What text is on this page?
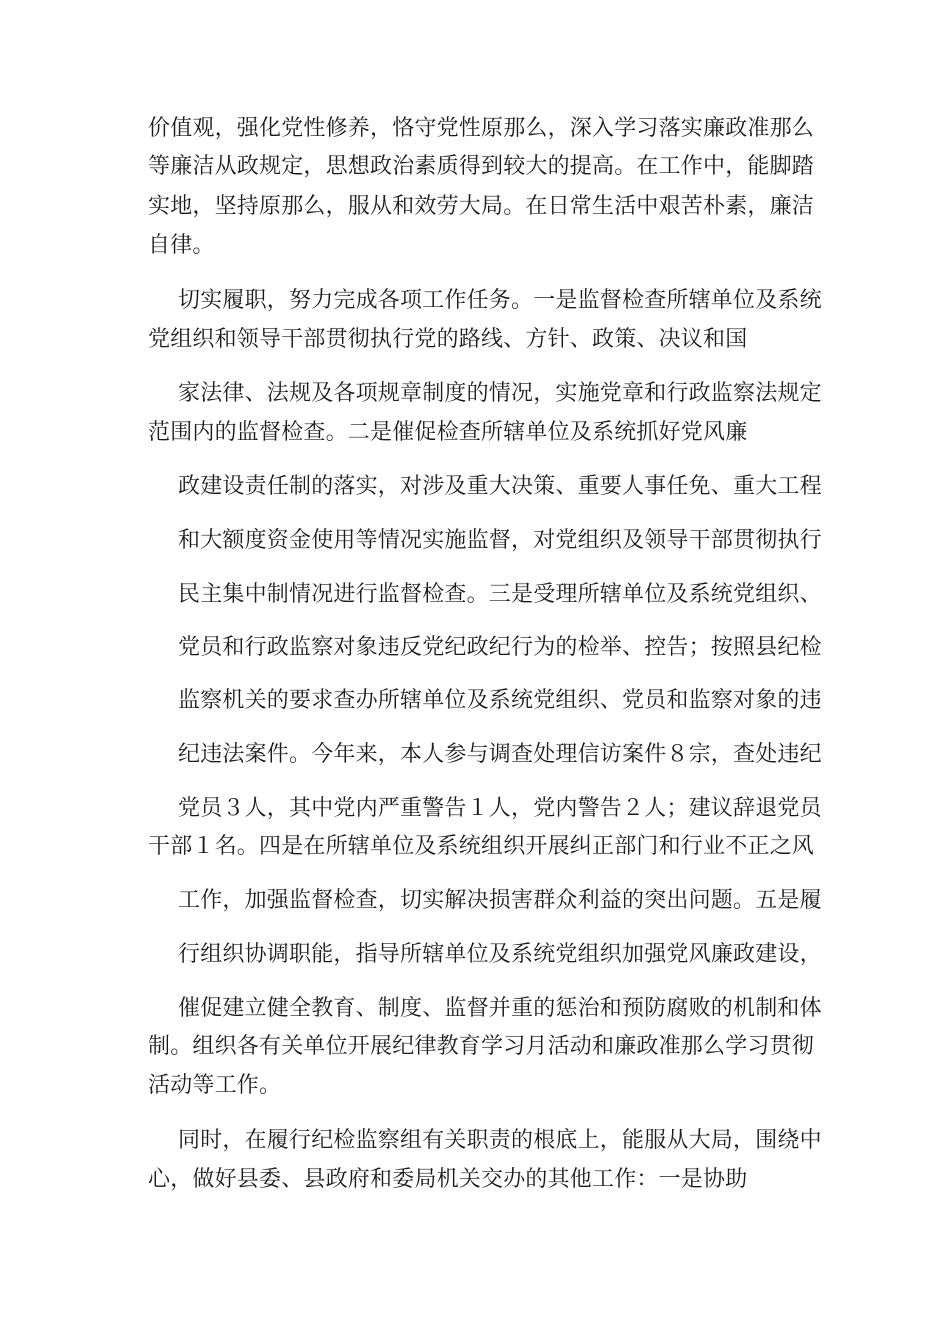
价值观，强化党性修养，恪守党性原那么，深入学习落实廉政准那么
等廉洁从政规定，思想政治素质得到较大的提高。在工作中，能脚踏
实地，坚持原那么，服从和效劳大局。在日常生活中艰苦朴素，廉洁
自律。
切实履职，努力完成各项工作任务。一是监督检查所辖单位及系统
党组织和领导干部贯彻执行党的路线、方针、政策、决议和国
家法律、法规及各项规章制度的情况，实施党章和行政监察法规定
范围内的监督检查。二是催促检查所辖单位及系统抓好党风廉
政建设责任制的落实，对涉及重大决策、重要人事任免、重大工程
和大额度资金使用等情况实施监督，对党组织及领导干部贯彻执行
民主集中制情况进行监督检查。三是受理所辖单位及系统党组织、
党员和行政监察对象违反党纪政纪行为的检举、控告；按照县纪检
监察机关的要求查办所辖单位及系统党组织、党员和监察对象的违
纪违法案件。今年来，本人参与调查处理信访案件８宗，查处违纪
党员３人，其中党内严重警告１人，党内警告２人；建议辞退党员
干部１名。四是在所辖单位及系统组织开展纠正部门和行业不正之风
工作，加强监督检查，切实解决损害群众利益的突出问题。五是履
行组织协调职能，指导所辖单位及系统党组织加强党风廉政建设，
催促建立健全教育、制度、监督并重的惩治和预防腐败的机制和体
制。组织各有关单位开展纪律教育学习月活动和廉政准那么学习贯彻
活动等工作。
同时，在履行纪检监察组有关职责的根底上，能服从大局，围绕中
心，做好县委、县政府和委局机关交办的其他工作：一是协助
